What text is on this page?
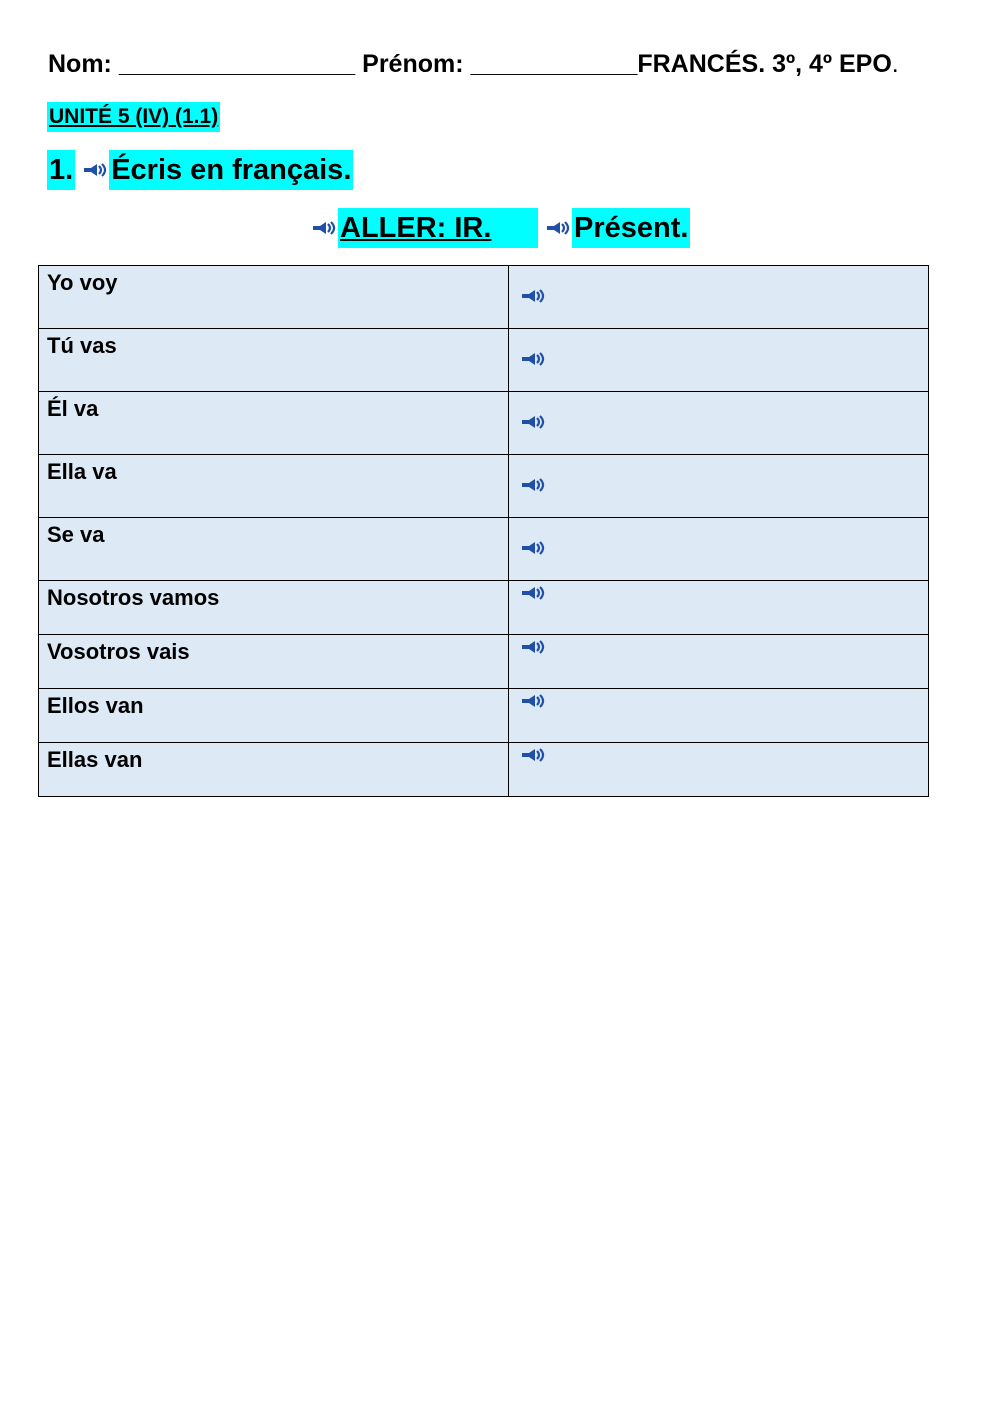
Nom: _________________ Prénom: ____________FRANCÉS. 3º, 4º EPO.
UNITÉ 5 (IV) (1.1)
1. Écris en français.
ALLER: IR.	Présent.
Yo voy	

Tú vas	

Él va	

Ella va	

Se va	

Nosotros vamos	

Vosotros vais	

Ellos van	

Ellas van	
